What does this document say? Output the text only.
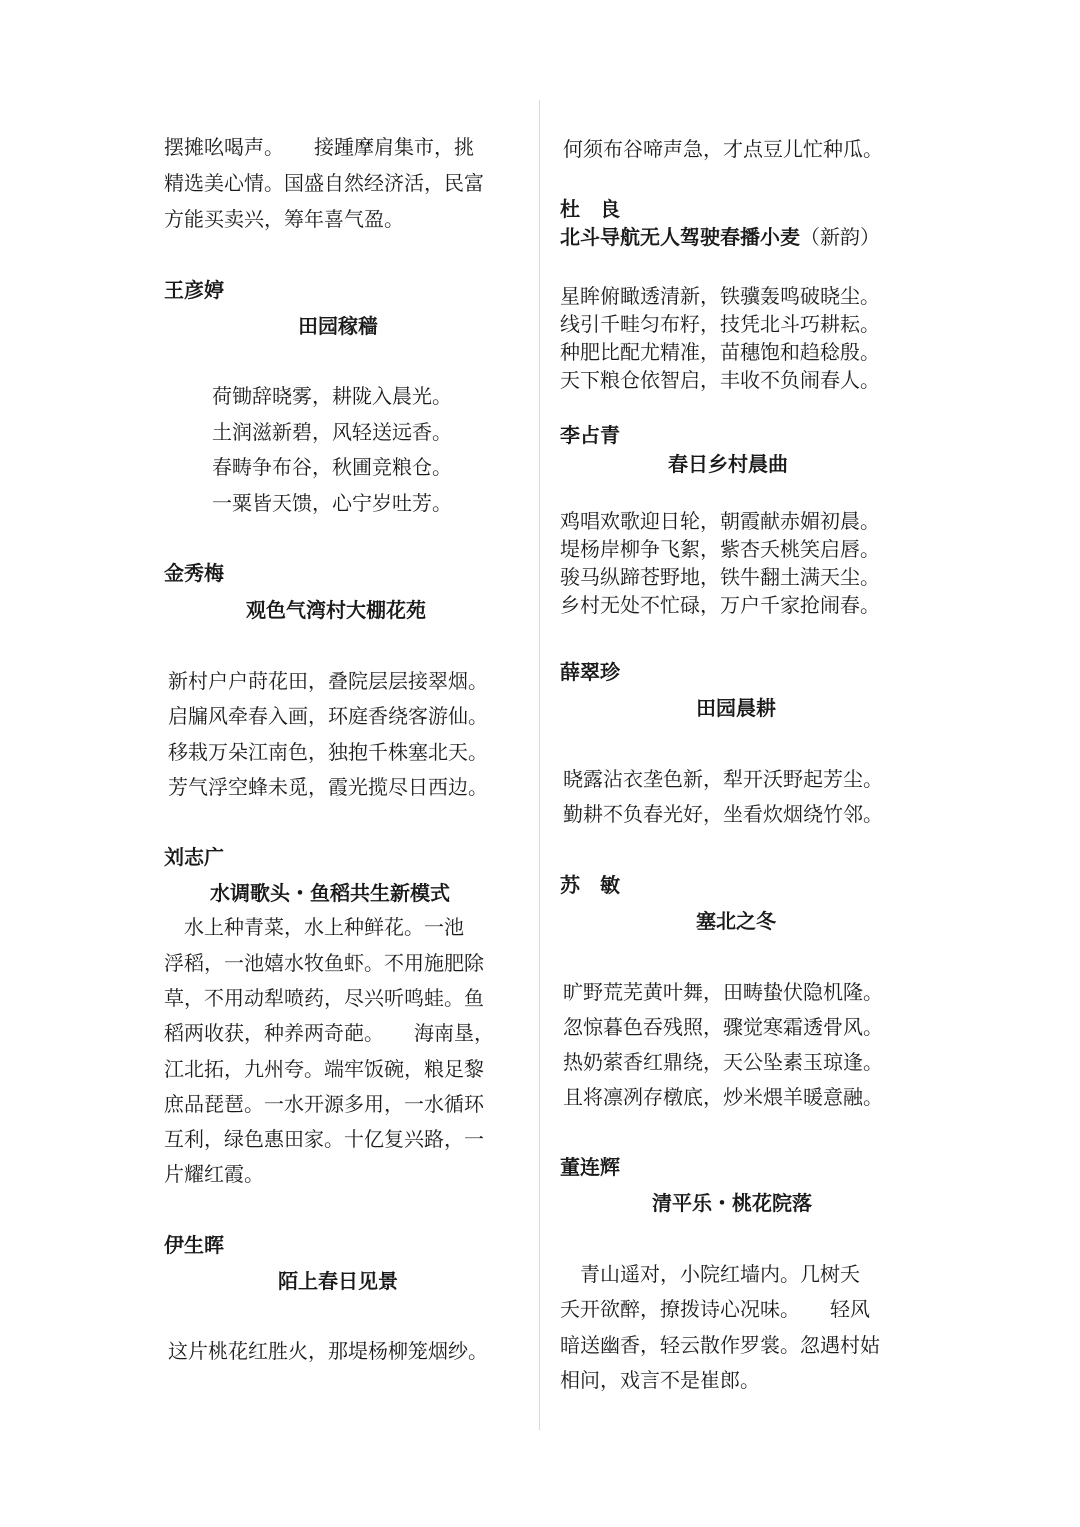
摆摊吆喝声。　　接踵摩肩集市，挑

精选美心情。国盛自然经济活，民富

方能买卖兴，筹年喜气盈。

王彦婷

田园稼穑

荷锄辞晓雾，耕陇入晨光。

土润滋新碧，风轻送远香。

春畴争布谷，秋圃竞粮仓。

一粟皆天馈，心宁岁吐芳。

金秀梅

观色气湾村大棚花苑

新村户户莳花田，叠院层层接翠烟。

启牖风牵春入画，环庭香绕客游仙。

移栽万朵江南色，独抱千株塞北天。

芳气浮空蜂未觅，霞光揽尽日西边。

刘志广

水调歌头・鱼稻共生新模式

　水上种青菜，水上种鲜花。一池

浮稻，一池嬉水牧鱼虾。不用施肥除

草，不用动犁喷药，尽兴听鸣蛙。鱼

稻两收获，种养两奇葩。　　海南垦，

江北拓，九州夸。端牢饭碗，粮足黎

庶品琵琶。一水开源多用，一水循环

互利，绿色惠田家。十亿复兴路，一

片耀红霞。

伊生晖

陌上春日见景

这片桃花红胜火，那堤杨柳笼烟纱。

何须布谷啼声急，才点豆儿忙种瓜。

杜　良

北斗导航无人驾驶春播小麦（新韵）

星眸俯瞰透清新，铁骥轰鸣破晓尘。

线引千畦匀布籽，技凭北斗巧耕耘。

种肥比配尤精准，苗穗饱和趋稔殷。

天下粮仓依智启，丰收不负闹春人。

李占青

春日乡村晨曲

鸡唱欢歌迎日轮，朝霞献赤媚初晨。

堤杨岸柳争飞絮，紫杏夭桃笑启唇。

骏马纵蹄苍野地，铁牛翻土满天尘。

乡村无处不忙碌，万户千家抢闹春。

薛翠珍

田园晨耕

晓露沾衣垄色新，犁开沃野起芳尘。

勤耕不负春光好，坐看炊烟绕竹邻。

苏　敏

塞北之冬

旷野荒芜黄叶舞，田畴蛰伏隐机隆。

忽惊暮色吞残照，骤觉寒霜透骨风。

热奶萦香红鼎绕，天公坠素玉琼逢。

且将凛冽存橔底，炒米煨羊暖意融。

董连辉

清平乐・桃花院落

　青山遥对，小院红墙内。几树夭

夭开欲醉，撩拨诗心况味。　　轻风

暗送幽香，轻云散作罗裳。忽遇村姑

相问，戏言不是崔郎。
